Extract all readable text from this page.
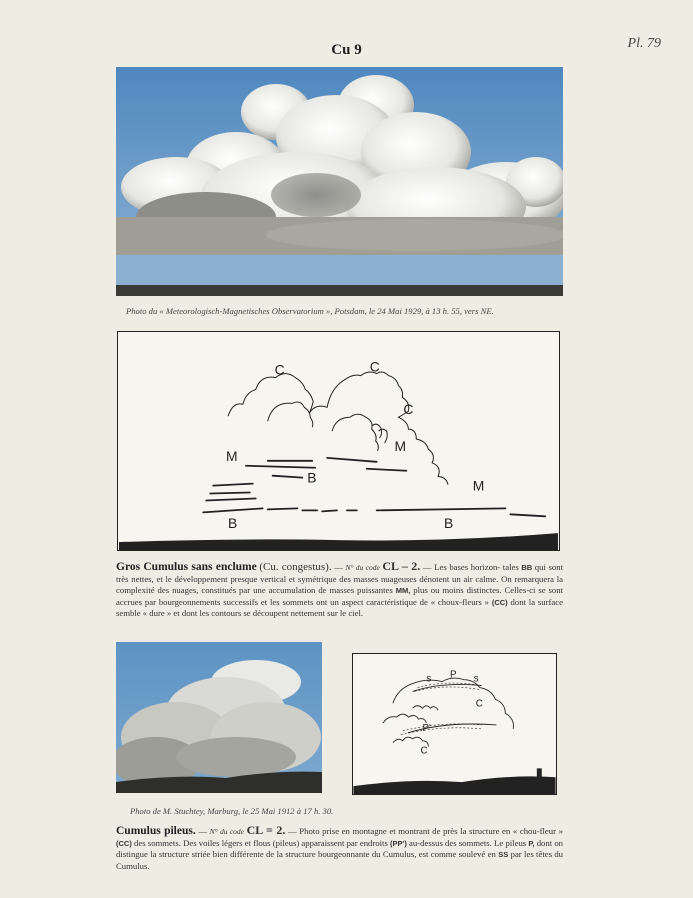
Pl. 79
Cu 9
Photo du « Meteorologisch-Magnetisches Observatorium », Potsdam, le 24 Mai 1929, à 13 h. 55, vers NE.
C	C
C
M
M
M
B
B	B
Gros Cumulus sans enclume (Cu. congestus). — N° du code CL – 2. — Les bases horizon- tales BB qui sont très nettes, et le développement presque vertical et symétrique des masses nuageuses dénotent un air calme. On remarquera la complexité des nuages, constitués par une accumulation de masses puissantes MM, plus ou moins distinctes. Celles-ci se sont accrues par bourgeonnements successifs et les sommets ont un aspect caractéristique de « choux-fleurs » (CC) dont la surface semble « dure » et dont les contours se découpent nettement sur le ciel.
s P s
C
P'
C
Photo de M. Stuchtey, Marburg, le 25 Mai 1912 à 17 h. 30.
Cumulus pileus. — N° du code CL = 2. — Photo prise en montagne et montrant de près la structure en « chou-fleur » (CC) des sommets. Des voiles légers et flous (pileus) apparaissent par endroits (PP') au-dessus des sommets. Le pileus P, dont on distingue la structure striée bien différente de la structure bourgeonnante du Cumulus, est comme soulevé en SS par les têtes du Cumulus.
